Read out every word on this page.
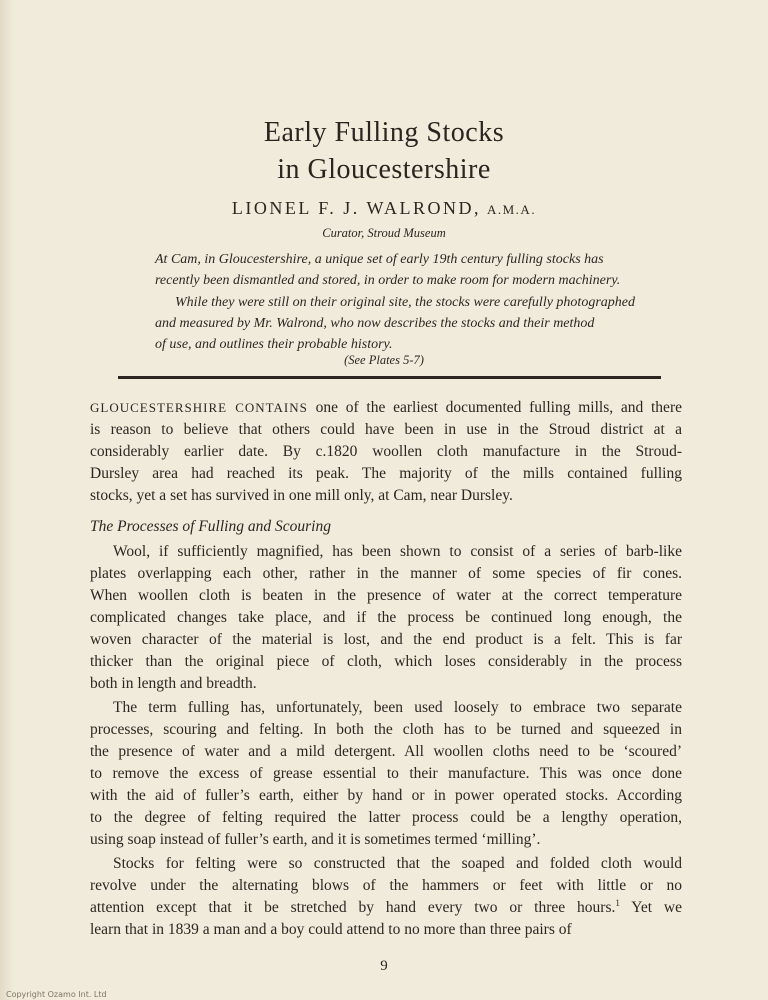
Early Fulling Stocks
in Gloucestershire
LIONEL F. J. WALROND, A.M.A.
Curator, Stroud Museum
At Cam, in Gloucestershire, a unique set of early 19th century fulling stocks has
recently been dismantled and stored, in order to make room for modern machinery.
While they were still on their original site, the stocks were carefully photographed
and measured by Mr. Walrond, who now describes the stocks and their method
of use, and outlines their probable history.
(See Plates 5-7)
GLOUCESTERSHIRE CONTAINS one of the earliest documented fulling mills, and there
is reason to believe that others could have been in use in the Stroud district at a
considerably earlier date. By c.1820 woollen cloth manufacture in the Stroud-
Dursley area had reached its peak. The majority of the mills contained fulling
stocks, yet a set has survived in one mill only, at Cam, near Dursley.
The Processes of Fulling and Scouring
Wool, if sufficiently magnified, has been shown to consist of a series of barb-like
plates overlapping each other, rather in the manner of some species of fir cones.
When woollen cloth is beaten in the presence of water at the correct temperature
complicated changes take place, and if the process be continued long enough, the
woven character of the material is lost, and the end product is a felt. This is far
thicker than the original piece of cloth, which loses considerably in the process
both in length and breadth.
The term fulling has, unfortunately, been used loosely to embrace two separate
processes, scouring and felting. In both the cloth has to be turned and squeezed in
the presence of water and a mild detergent. All woollen cloths need to be ‘scoured’
to remove the excess of grease essential to their manufacture. This was once done
with the aid of fuller’s earth, either by hand or in power operated stocks. According
to the degree of felting required the latter process could be a lengthy operation,
using soap instead of fuller’s earth, and it is sometimes termed ‘milling’.
Stocks for felting were so constructed that the soaped and folded cloth would
revolve under the alternating blows of the hammers or feet with little or no
9
Copyright Ozamo Int. Ltd
attention except that it be stretched by hand every two or three hours.$^1$ Yet we
learn that in 1839 a man and a boy could attend to no more than three pairs of
